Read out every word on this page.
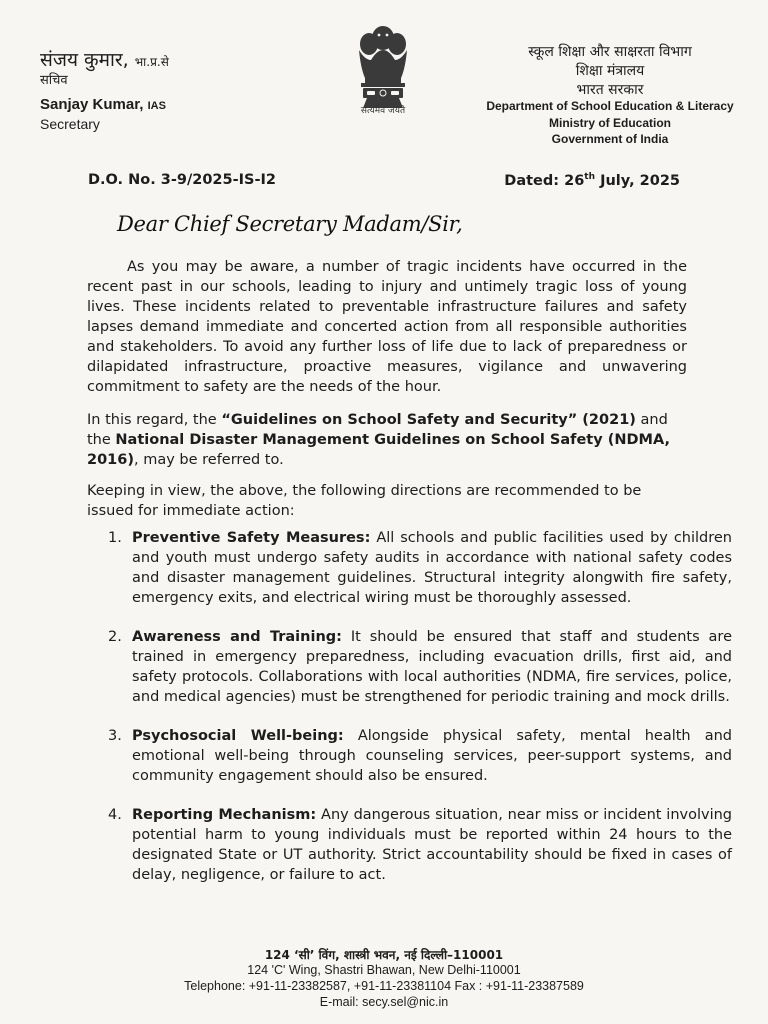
संजय कुमार, भा.प्र.से
सचिव
Sanjay Kumar, IAS
Secretary
सत्यमेव जयते
स्कूल शिक्षा और साक्षरता विभाग
शिक्षा मंत्रालय
भारत सरकार
Department of School Education & Literacy
Ministry of Education
Government of India
D.O. No. 3-9/2025-IS-I2	Dated: 26th July, 2025
Dear Chief Secretary Madam/Sir,
As you may be aware, a number of tragic incidents have occurred in the recent past in our schools, leading to injury and untimely tragic loss of young lives. These incidents related to preventable infrastructure failures and safety lapses demand immediate and concerted action from all responsible authorities and stakeholders. To avoid any further loss of life due to lack of preparedness or dilapidated infrastructure, proactive measures, vigilance and unwavering commitment to safety are the needs of the hour.
In this regard, the “Guidelines on School Safety and Security” (2021) and the National Disaster Management Guidelines on School Safety (NDMA, 2016), may be referred to.
Keeping in view, the above, the following directions are recommended to be issued for immediate action:
1. Preventive Safety Measures: All schools and public facilities used by children and youth must undergo safety audits in accordance with national safety codes and disaster management guidelines. Structural integrity alongwith fire safety, emergency exits, and electrical wiring must be thoroughly assessed.
2. Awareness and Training: It should be ensured that staff and students are trained in emergency preparedness, including evacuation drills, first aid, and safety protocols. Collaborations with local authorities (NDMA, fire services, police, and medical agencies) must be strengthened for periodic training and mock drills.
3. Psychosocial Well-being: Alongside physical safety, mental health and emotional well-being through counseling services, peer-support systems, and community engagement should also be ensured.
4. Reporting Mechanism: Any dangerous situation, near miss or incident involving potential harm to young individuals must be reported within 24 hours to the designated State or UT authority. Strict accountability should be fixed in cases of delay, negligence, or failure to act.
124 ‘सी’ विंग, शास्त्री भवन, नई दिल्ली–110001
124 'C' Wing, Shastri Bhawan, New Delhi-110001
Telephone: +91-11-23382587, +91-11-23381104 Fax : +91-11-23387589
E-mail: secy.sel@nic.in
